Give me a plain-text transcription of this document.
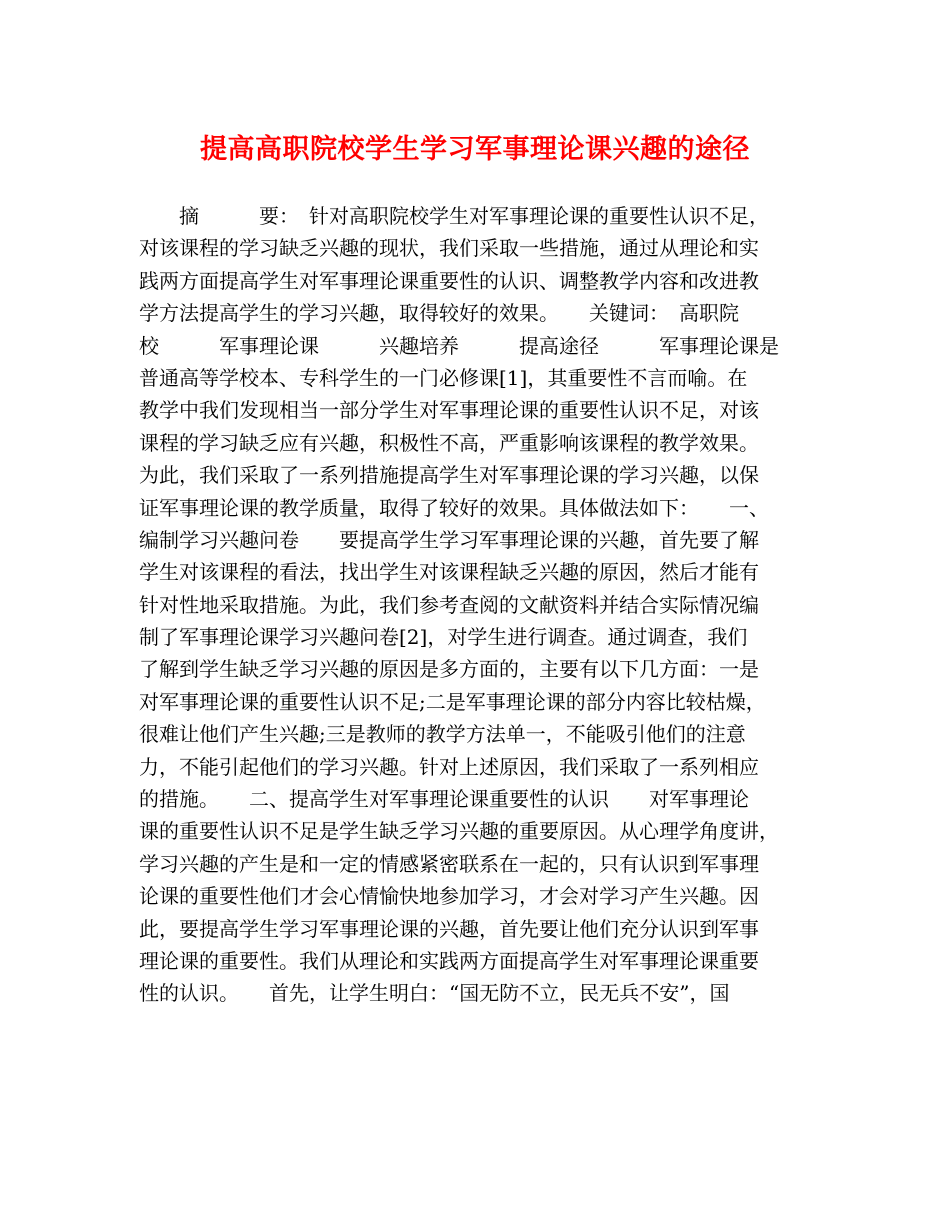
提高高职院校学生学习军事理论课兴趣的途径
　　摘　　　要：　针对高职院校学生对军事理论课的重要性认识不足，
对该课程的学习缺乏兴趣的现状，我们采取一些措施，通过从理论和实
践两方面提高学生对军事理论课重要性的认识、调整教学内容和改进教
学方法提高学生的学习兴趣，取得较好的效果。　　关键词：　高职院
校　　　军事理论课　　　兴趣培养　　　提高途径　　　军事理论课是
普通高等学校本、专科学生的一门必修课[1]，其重要性不言而喻。在
教学中我们发现相当一部分学生对军事理论课的重要性认识不足，对该
课程的学习缺乏应有兴趣，积极性不高，严重影响该课程的教学效果。
为此，我们采取了一系列措施提高学生对军事理论课的学习兴趣，以保
证军事理论课的教学质量，取得了较好的效果。具体做法如下：　　一、
编制学习兴趣问卷　　要提高学生学习军事理论课的兴趣，首先要了解
学生对该课程的看法，找出学生对该课程缺乏兴趣的原因，然后才能有
针对性地采取措施。为此，我们参考查阅的文献资料并结合实际情况编
制了军事理论课学习兴趣问卷[2]，对学生进行调查。通过调查，我们
了解到学生缺乏学习兴趣的原因是多方面的，主要有以下几方面：一是
对军事理论课的重要性认识不足;二是军事理论课的部分内容比较枯燥，
很难让他们产生兴趣;三是教师的教学方法单一，不能吸引他们的注意
力，不能引起他们的学习兴趣。针对上述原因，我们采取了一系列相应
的措施。　　二、提高学生对军事理论课重要性的认识　　对军事理论
课的重要性认识不足是学生缺乏学习兴趣的重要原因。从心理学角度讲，
学习兴趣的产生是和一定的情感紧密联系在一起的，只有认识到军事理
论课的重要性他们才会心情愉快地参加学习，才会对学习产生兴趣。因
此，要提高学生学习军事理论课的兴趣，首先要让他们充分认识到军事
理论课的重要性。我们从理论和实践两方面提高学生对军事理论课重要
性的认识。　　首先，让学生明白：“国无防不立，民无兵不安”，国
